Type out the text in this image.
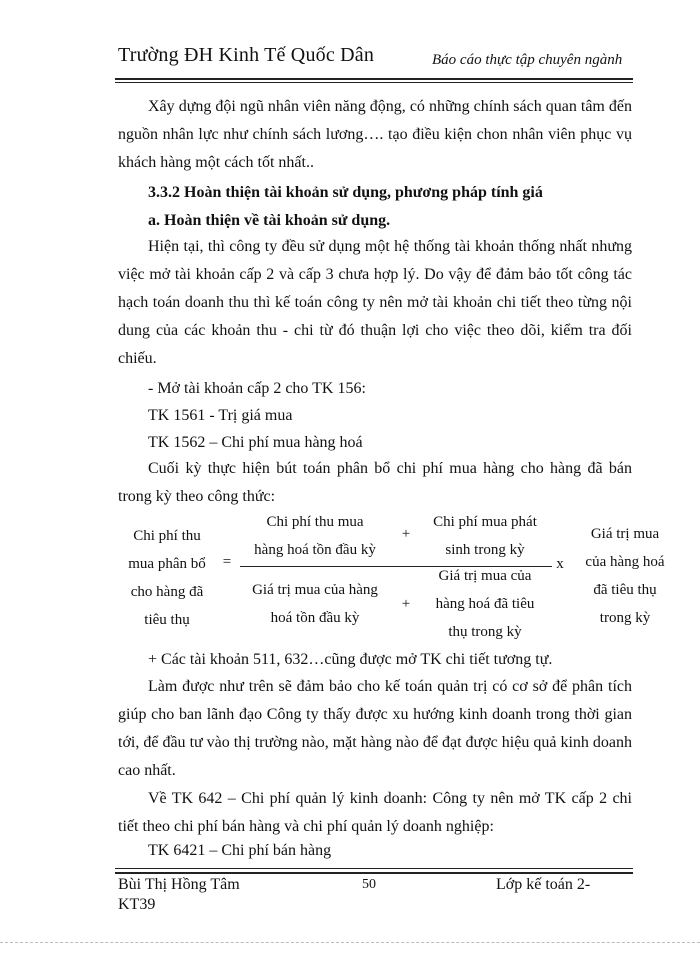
Trường ĐH Kinh Tế Quốc Dân	Báo cáo thực tập chuyên ngành
Xây dựng đội ngũ nhân viên năng động, có những chính sách quan tâm đến nguồn nhân lực như chính sách lương…. tạo điều kiện chon nhân viên phục vụ khách hàng một cách tốt nhất..
3.3.2 Hoàn thiện tài khoản sử dụng, phương pháp tính giá
a. Hoàn thiện về tài khoản sử dụng.
Hiện tại, thì công ty đều sử dụng một hệ thống tài khoản thống nhất nhưng việc mở tài khoản cấp 2 và cấp 3 chưa hợp lý. Do vậy để đảm bảo tốt công tác hạch toán doanh thu thì kế toán công ty nên mở tài khoản chi tiết theo từng nội dung của các khoản thu - chi từ đó thuận lợi cho việc theo dõi, kiểm tra đối chiếu.
- Mở tài khoản cấp 2 cho TK 156:
TK 1561 - Trị giá mua
TK 1562 – Chi phí mua hàng hoá
Cuối kỳ thực hiện bút toán phân bổ chi phí mua hàng cho hàng đã bán trong kỳ theo công thức:
Chi phí thu
mua phân bổ
cho hàng đã
tiêu thụ
=
Chi phí thu mua
hàng hoá tồn đầu kỳ
+
Chi phí mua phát
sinh trong kỳ
x
Giá trị mua của hàng
hoá tồn đầu kỳ
+
Giá trị mua của
hàng hoá đã tiêu
thụ trong kỳ
Giá trị mua
của hàng hoá
đã tiêu thụ
trong kỳ
+ Các tài khoản 511, 632…cũng được mở TK chi tiết tương tự.
Làm được như trên sẽ đảm bảo cho kế toán quản trị có cơ sở để phân tích giúp cho ban lãnh đạo Công ty thấy được xu hướng kinh doanh trong thời gian tới, để đầu tư vào thị trường nào, mặt hàng nào để đạt được hiệu quả kinh doanh cao nhất.
Về TK 642 – Chi phí quản lý kinh doanh: Công ty nên mở TK cấp 2 chi tiết theo chi phí bán hàng và chi phí quản lý doanh nghiệp:
TK 6421 – Chi phí bán hàng
Bùi Thị Hồng Tâm	50	Lớp kế toán 2-
KT39
